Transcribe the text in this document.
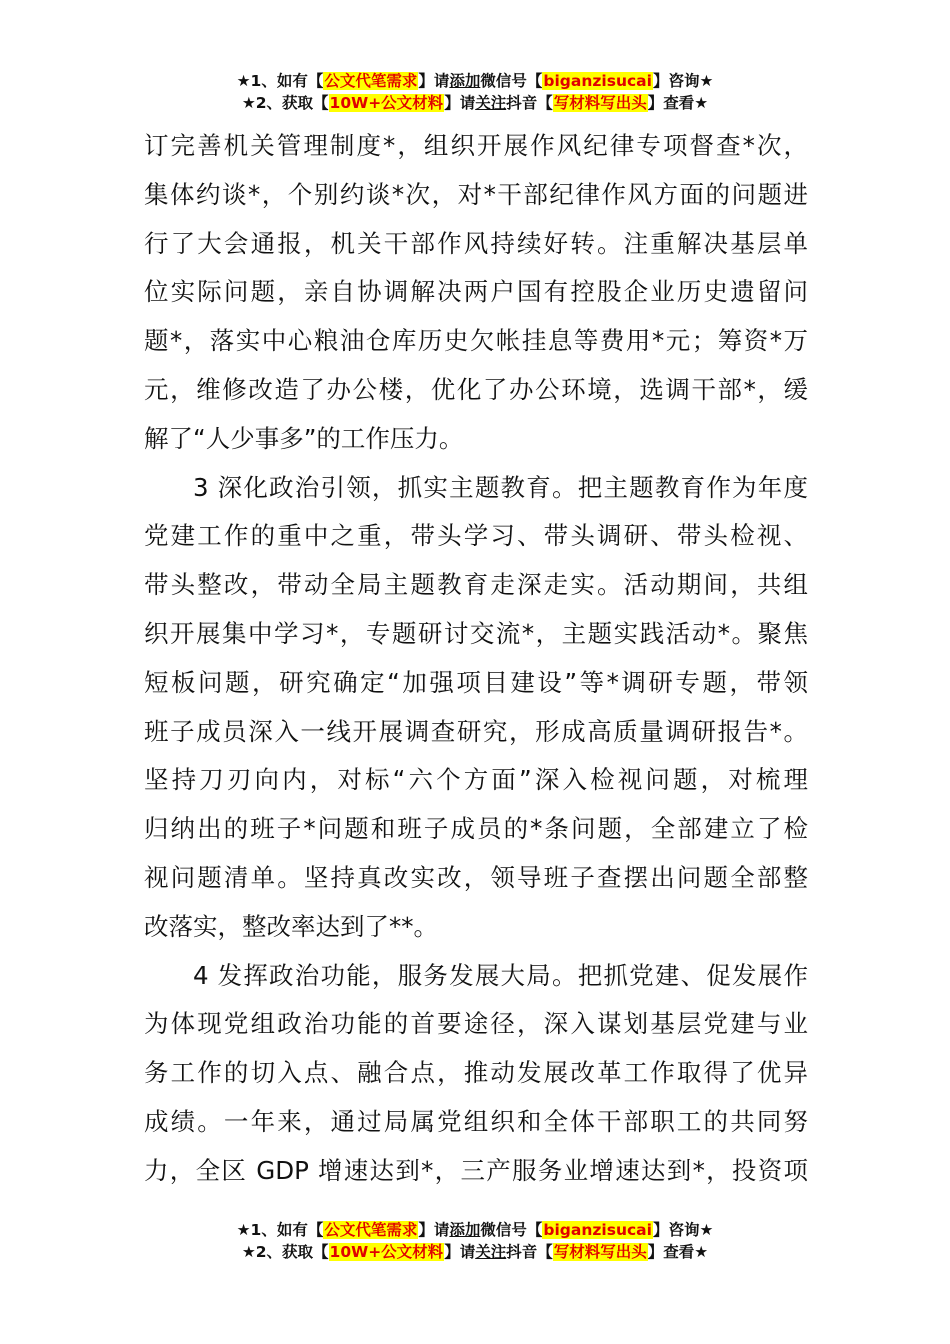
★1、如有【公文代笔需求】请添加微信号【biganzisucai】咨询★
★2、获取【10W+公文材料】请关注抖音【写材料写出头】查看★
订完善机关管理制度*，组织开展作风纪律专项督查*次，
集体约谈*，个别约谈*次，对*干部纪律作风方面的问题进
行了大会通报，机关干部作风持续好转。注重解决基层单
位实际问题，亲自协调解决两户国有控股企业历史遗留问
题*，落实中心粮油仓库历史欠帐挂息等费用*元；筹资*万
元，维修改造了办公楼，优化了办公环境，选调干部*，缓
解了“人少事多”的工作压力。
3 深化政治引领，抓实主题教育。把主题教育作为年度
党建工作的重中之重，带头学习、带头调研、带头检视、
带头整改，带动全局主题教育走深走实。活动期间，共组
织开展集中学习*，专题研讨交流*，主题实践活动*。聚焦
短板问题，研究确定“加强项目建设”等*调研专题，带领
班子成员深入一线开展调查研究，形成高质量调研报告*。
坚持刀刃向内，对标“六个方面”深入检视问题，对梳理
归纳出的班子*问题和班子成员的*条问题，全部建立了检
视问题清单。坚持真改实改，领导班子查摆出问题全部整
改落实，整改率达到了**。
4 发挥政治功能，服务发展大局。把抓党建、促发展作
为体现党组政治功能的首要途径，深入谋划基层党建与业
务工作的切入点、融合点，推动发展改革工作取得了优异
成绩。一年来，通过局属党组织和全体干部职工的共同努
力，全区 GDP 增速达到*，三产服务业增速达到*，投资项
★1、如有【公文代笔需求】请添加微信号【biganzisucai】咨询★
★2、获取【10W+公文材料】请关注抖音【写材料写出头】查看★
